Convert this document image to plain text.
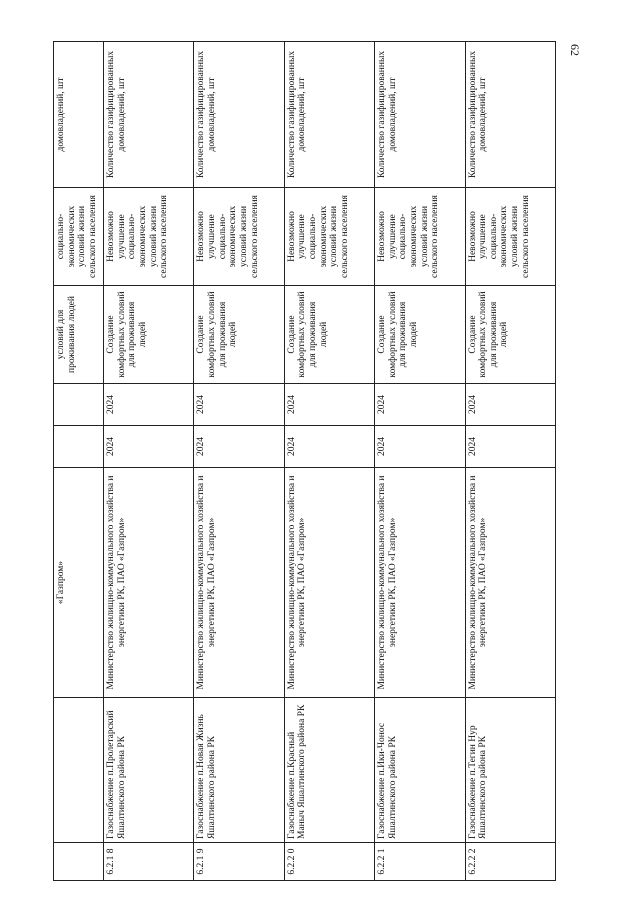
62
		«Газпром»			условий для проживания людей	социально-экономических условий жизни сельского населения	домовладений, шт
6.2.1 8	Газоснабжение п.Пролетарский Яшалтинского района РК	Министерство жилищно-коммунального хозяйства и энергетики РК, ПАО «Газпром»	2024	2024	Создание комфортных условий для проживания людей	Невозможно улучшение социально-экономических условий жизни сельского населения	Количество газифицированных домовладений, шт
6.2.1 9	Газоснабжение п.Новая Жизнь Яшалтинского района РК	Министерство жилищно-коммунального хозяйства и энергетики РК, ПАО «Газпром»	2024	2024	Создание комфортных условий для проживания людей	Невозможно улучшение социально-экономических условий жизни сельского населения	Количество газифицированных домовладений, шт
6.2.2 0	Газоснабжение п.Красный Маныч Яшалтинского района РК	Министерство жилищно-коммунального хозяйства и энергетики РК, ПАО «Газпром»	2024	2024	Создание комфортных условий для проживания людей	Невозможно улучшение социально-экономических условий жизни сельского населения	Количество газифицированных домовладений, шт
6.2.2 1	Газоснабжение п.Ики-Чонос Яшалтинского района РК	Министерство жилищно-коммунального хозяйства и энергетики РК, ПАО «Газпром»	2024	2024	Создание комфортных условий для проживания людей	Невозможно улучшение социально-экономических условий жизни сельского населения	Количество газифицированных домовладений, шт
6.2.2 2	Газоснабжение п.Тегин Нур Яшалтинского района РК	Министерство жилищно-коммунального хозяйства и энергетики РК, ПАО «Газпром»	2024	2024	Создание комфортных условий для проживания людей	Невозможно улучшение социально-экономических условий жизни сельского населения	Количество газифицированных домовладений, шт
